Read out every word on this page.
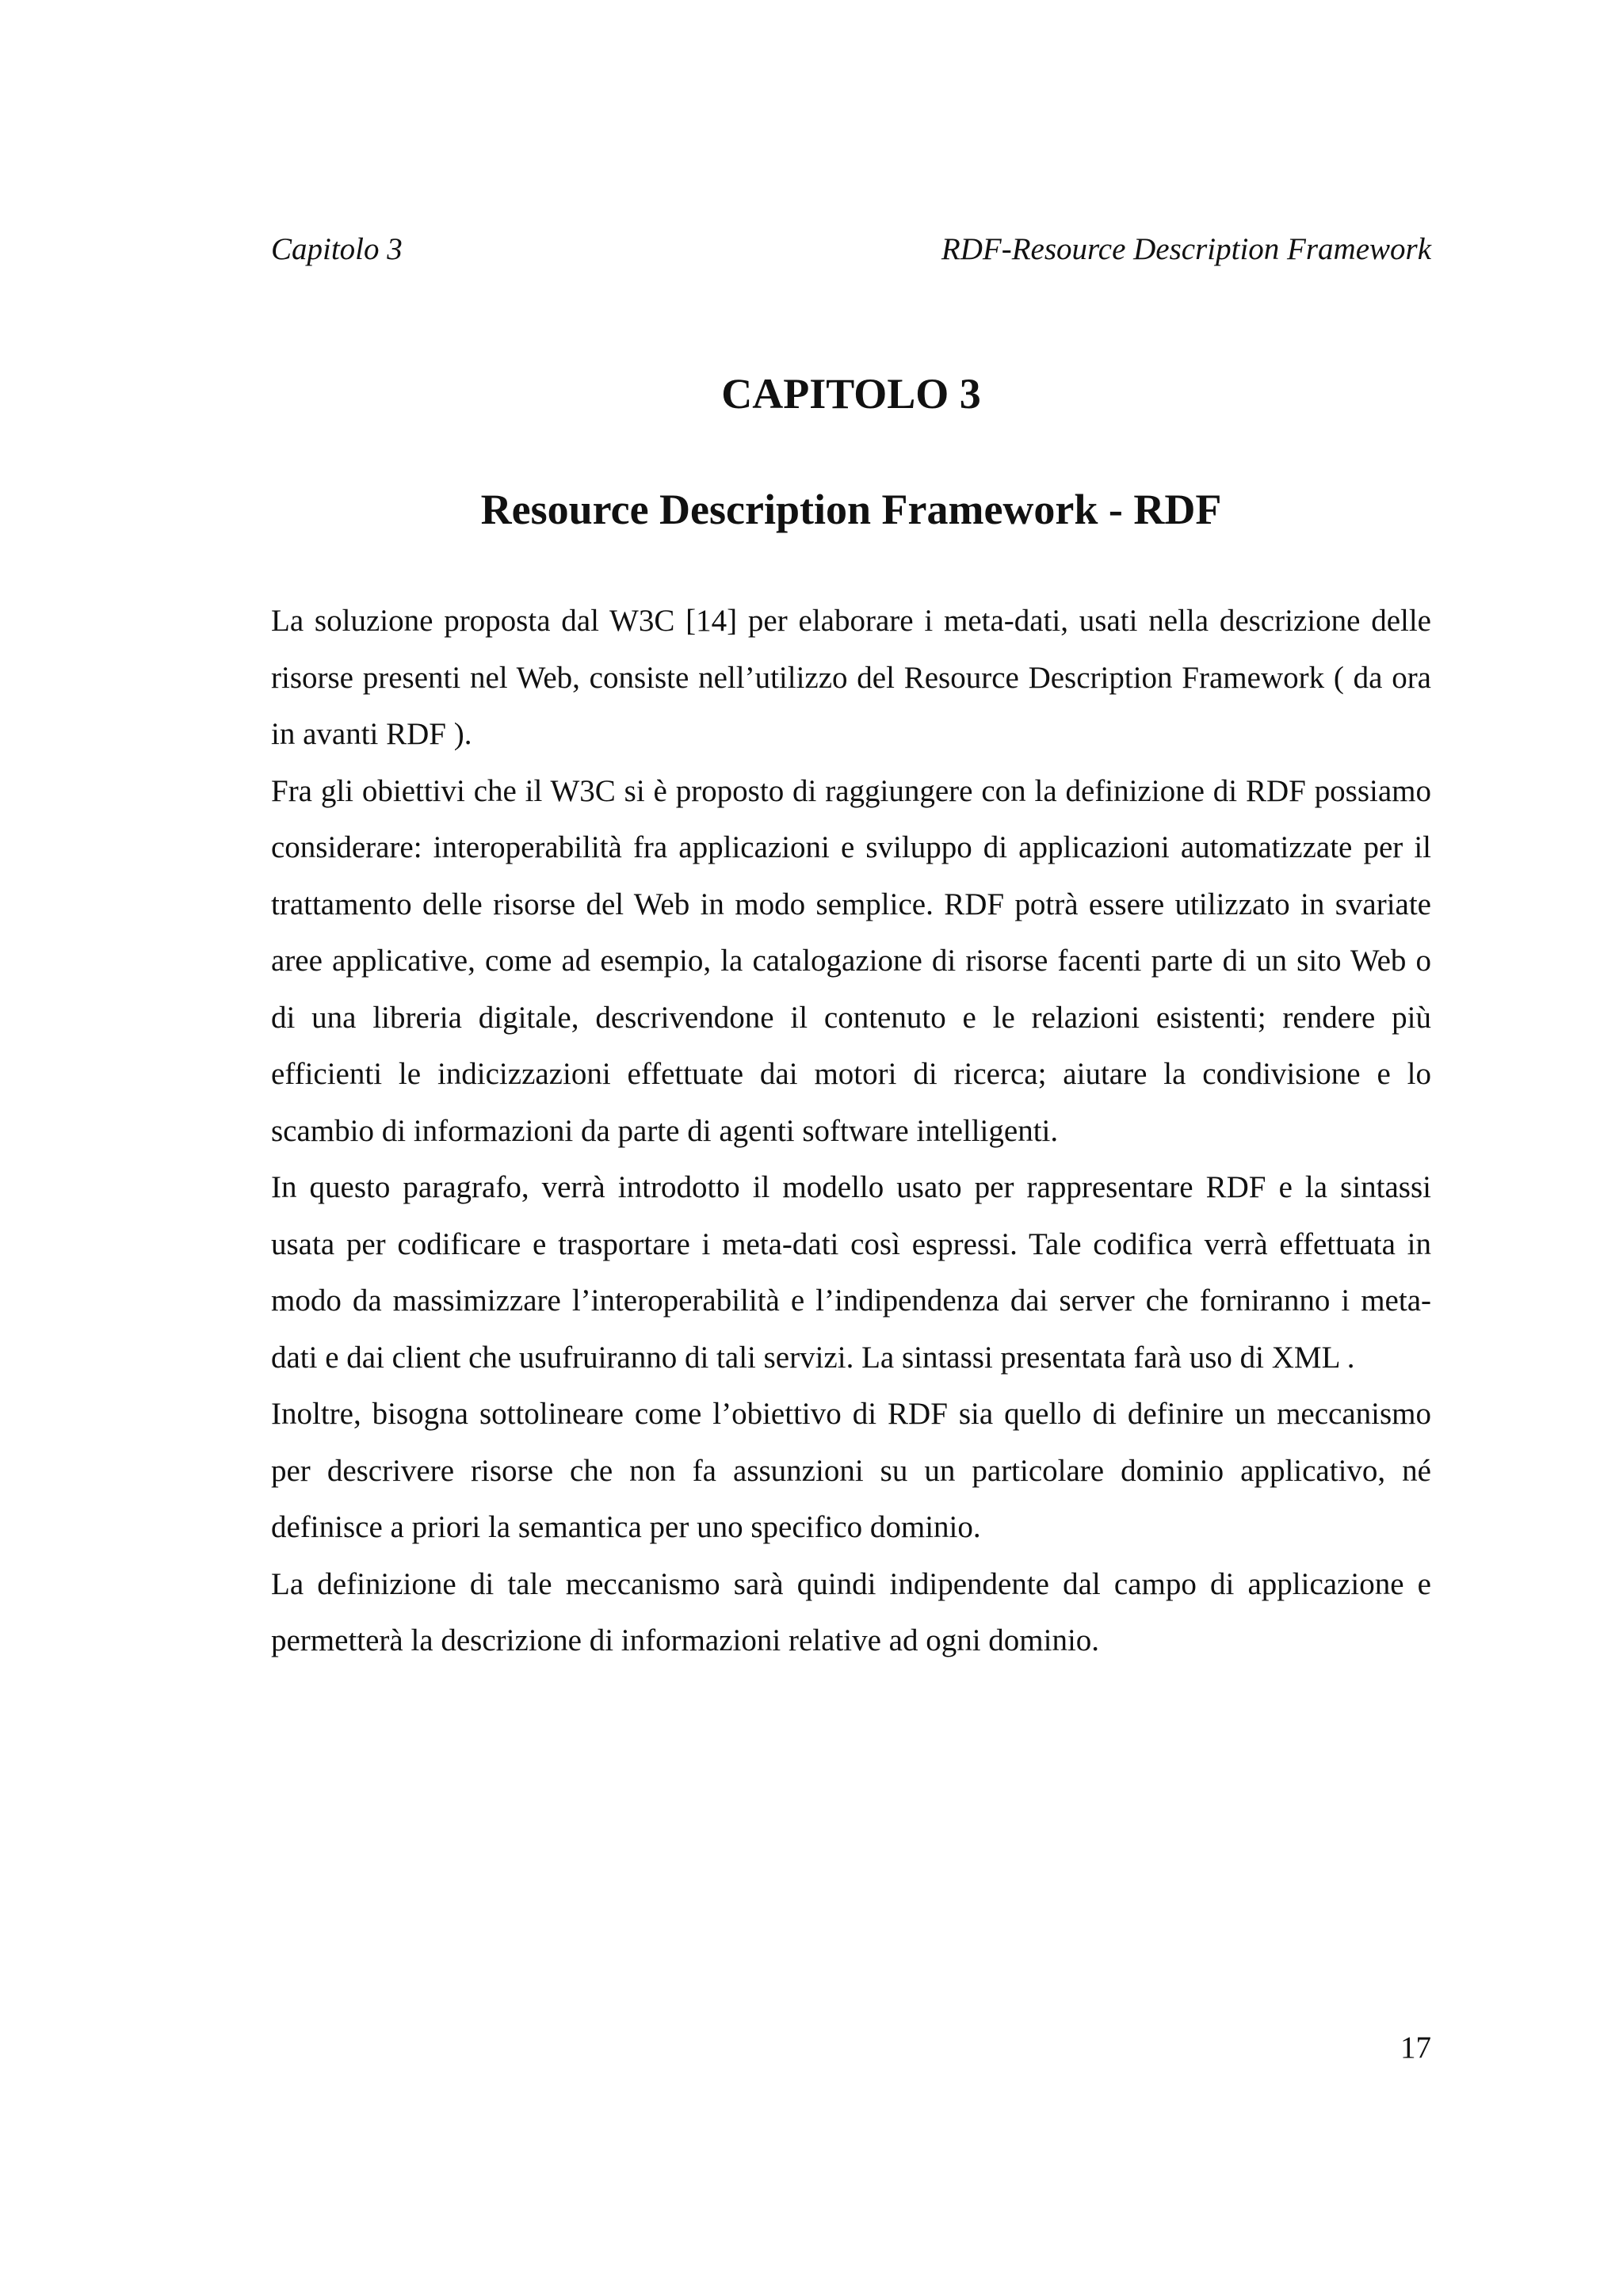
Capitolo 3	RDF-Resource Description Framework
CAPITOLO 3
Resource Description Framework - RDF

La soluzione proposta dal W3C [14] per elaborare i meta-dati, usati nella descrizione delle risorse presenti nel Web, consiste nell’utilizzo del Resource Description Framework ( da ora in avanti RDF ).

Fra gli obiettivi che il W3C si è proposto di raggiungere con la definizione di RDF possiamo considerare: interoperabilità fra applicazioni e sviluppo di applicazioni automatizzate per il trattamento delle risorse del Web in modo semplice. RDF potrà essere utilizzato in svariate aree applicative, come ad esempio, la catalogazione di risorse facenti parte di un sito Web o di una libreria digitale, descrivendone il contenuto e le relazioni esistenti; rendere più efficienti le indicizzazioni effettuate dai motori di ricerca; aiutare la condivisione e lo scambio di informazioni da parte di agenti software intelligenti.

In questo paragrafo, verrà introdotto il modello usato per rappresentare RDF e la sintassi usata per codificare e trasportare i meta-dati così espressi. Tale codifica verrà effettuata in modo da massimizzare l’interoperabilità e l’indipendenza dai server che forniranno i meta-dati e dai client che usufruiranno di tali servizi. La sintassi presentata farà uso di XML .

Inoltre, bisogna sottolineare come l’obiettivo di RDF sia quello di definire un meccanismo per descrivere risorse che non fa assunzioni su un particolare dominio applicativo, né definisce a priori la semantica per uno specifico dominio.

La definizione di tale meccanismo sarà quindi indipendente dal campo di applicazione e permetterà la descrizione di informazioni relative ad ogni dominio.

17
